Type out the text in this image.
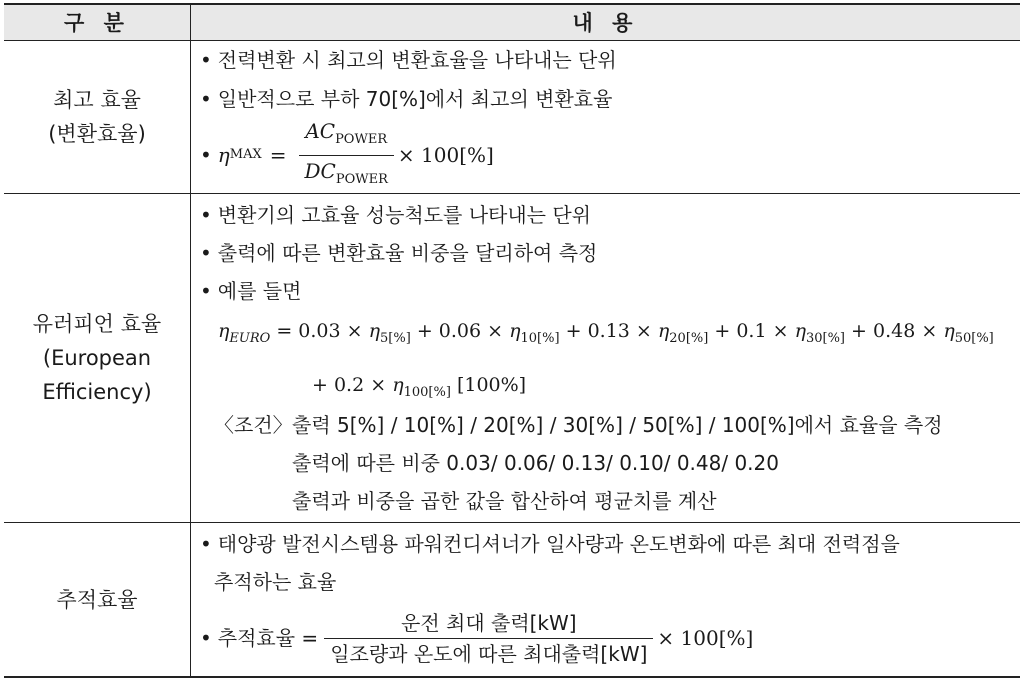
구 분	내 용
최고 효율
(변환효율)
• 전력변환 시 최고의 변환효율을 나타내는 단위
• 일반적으로 부하 70[%]에서 최고의 변환효율
• η MAX = $\frac{AC_{POWER}}{DC_{POWER}} \times 100[\%]$
유러피언 효율
(European
Efficiency)
• 변환기의 고효율 성능척도를 나타내는 단위
• 출력에 따른 변환효율 비중을 달리하여 측정
• 예를 들면
$\eta_{EURO} = 0.03 \times \eta_{5[\%]} + 0.06 \times \eta_{10[\%]} + 0.13 \times \eta_{20[\%]} + 0.1 \times \eta_{30[\%]} + 0.48 \times \eta_{50[\%]}$
+ $0.2 \times \eta_{100[\%]}$ [100%]
〈조건〉 출력 5[%] / 10[%] / 20[%] / 30[%] / 50[%] / 100[%]에서 효율을 측정
출력에 따른 비중 0.03/ 0.06/ 0.13/ 0.10/ 0.48/ 0.20
출력과 비중을 곱한 값을 합산하여 평균치를 계산
추적효율
• 태양광 발전시스템용 파워컨디셔너가 일사량과 온도변화에 따른 최대 전력점을
추적하는 효율
• 추적효율 = $\frac{\text{운전 최대 출력[kW]}}{\text{일조량과 온도에 따른 최대출력[kW]}} \times 100[\%]$
